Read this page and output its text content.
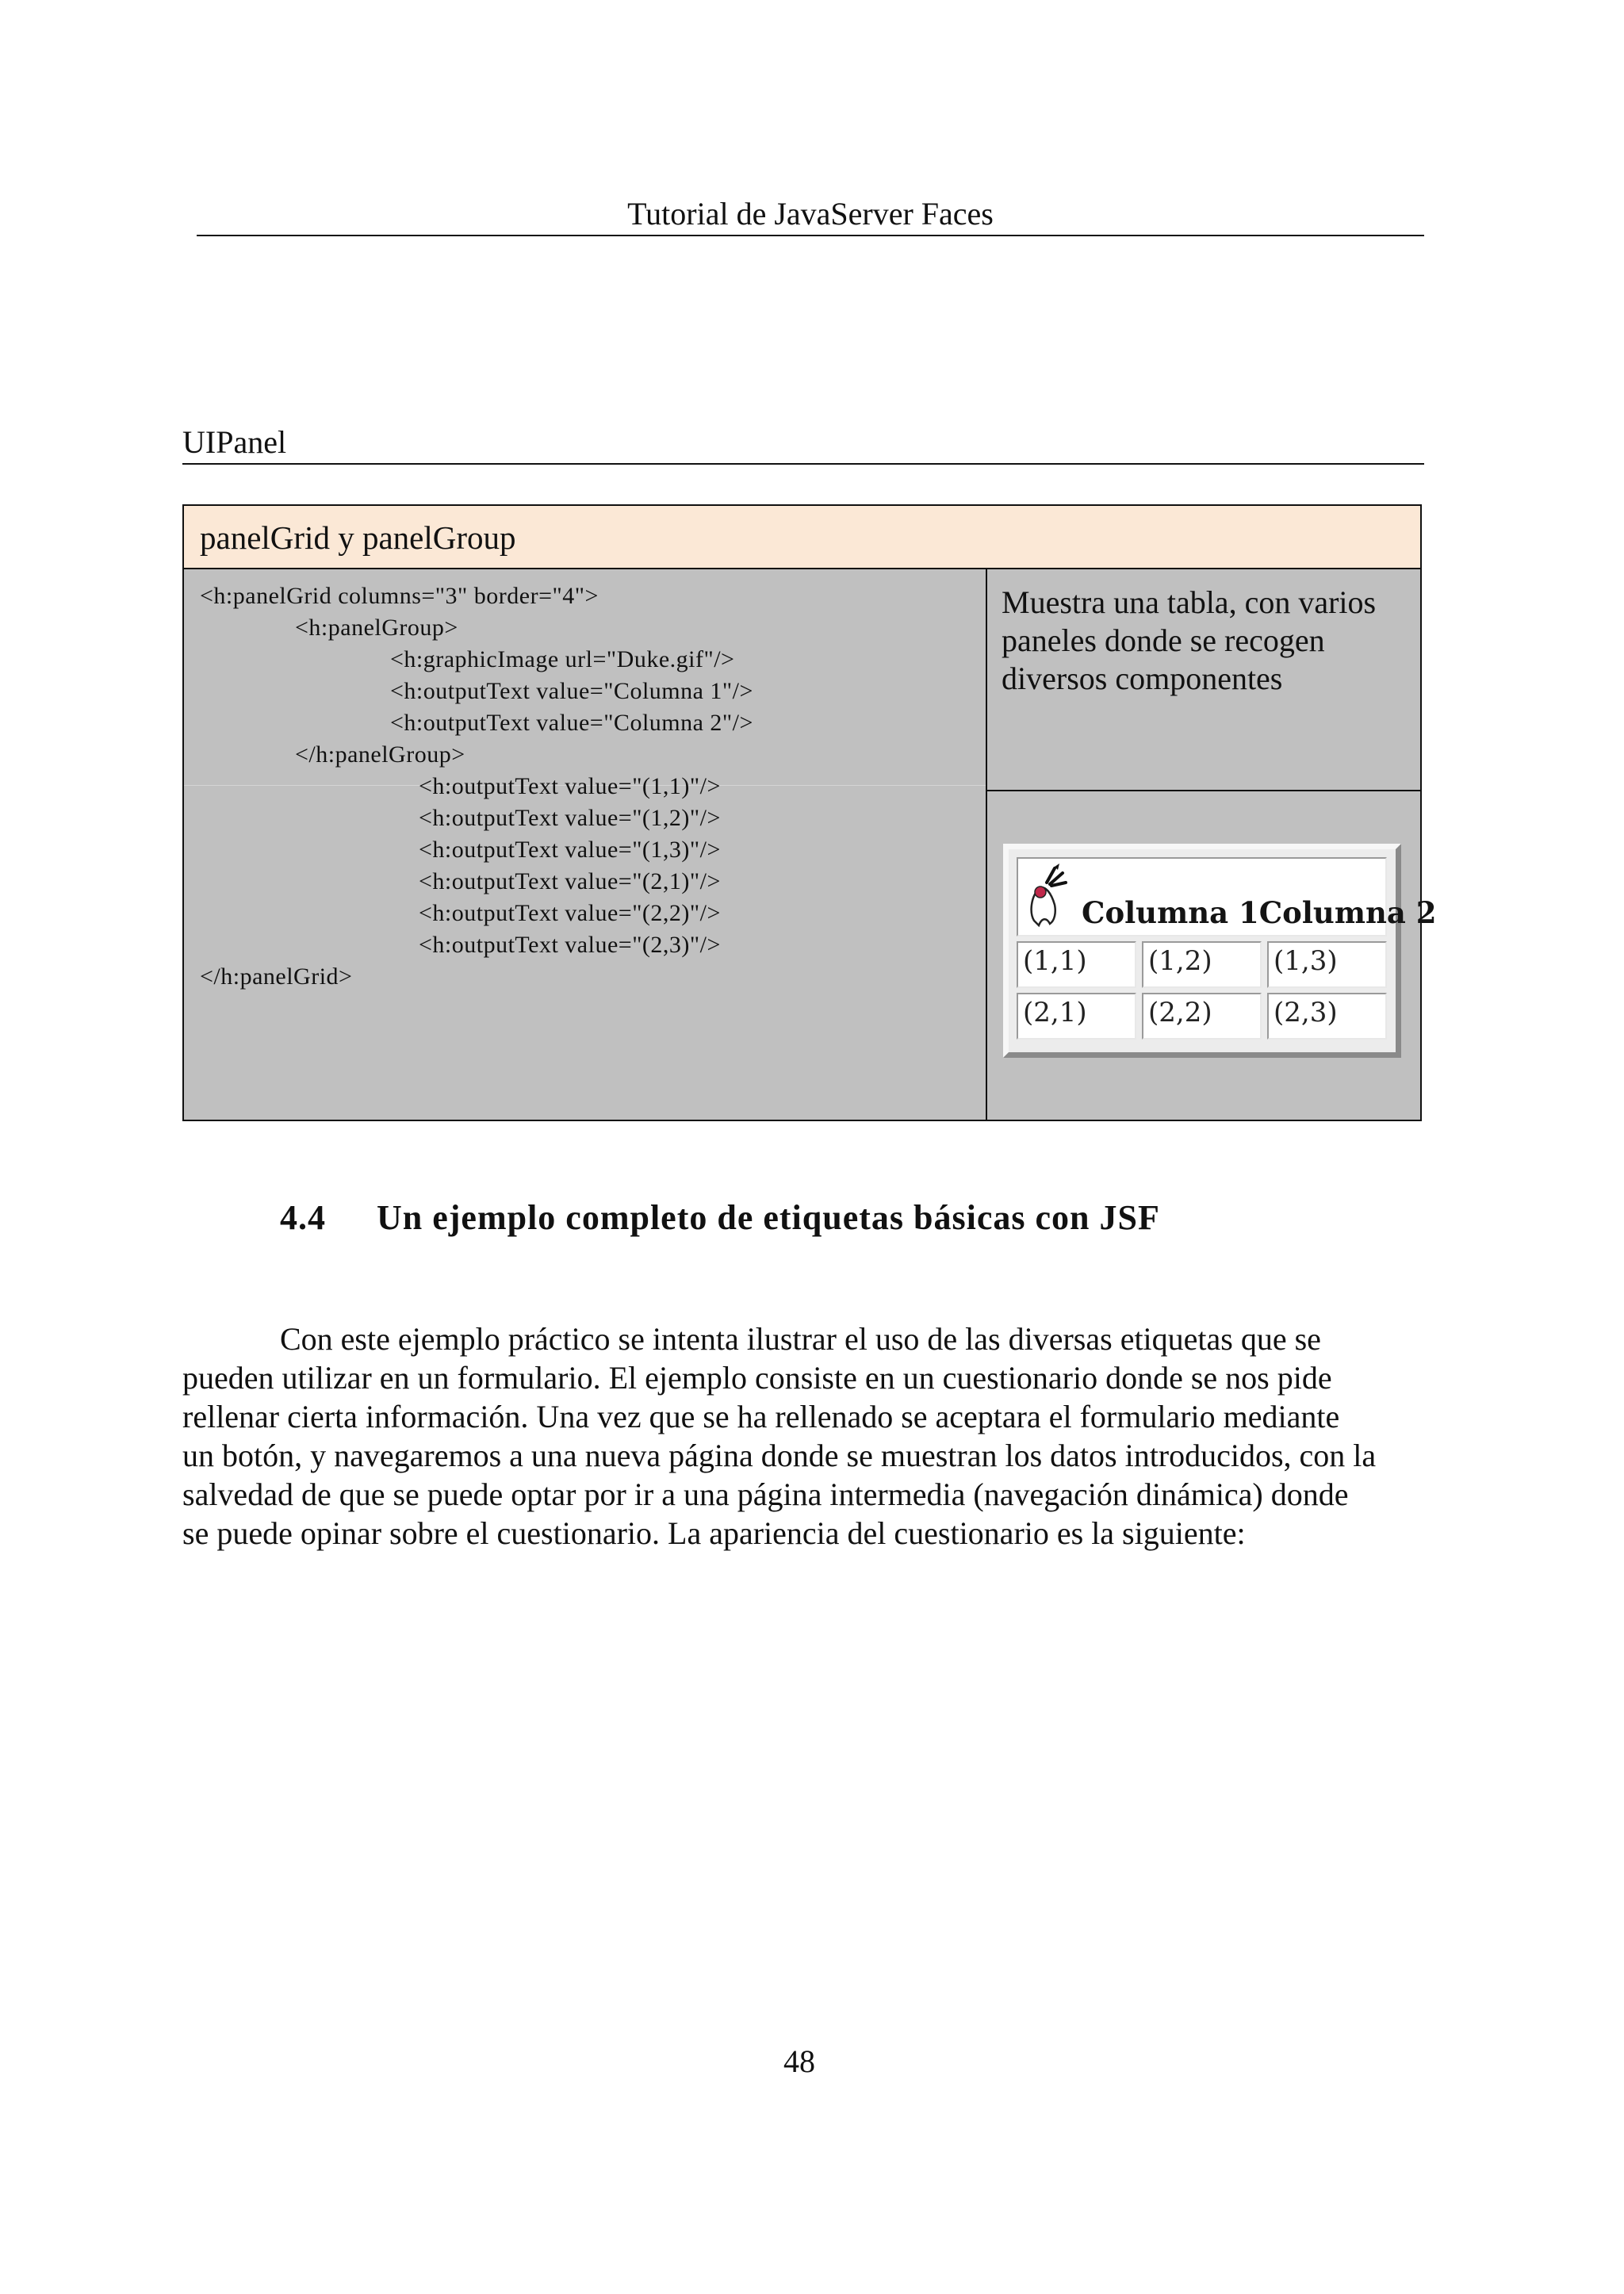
Tutorial de JavaServer Faces
UIPanel
panelGrid y panelGroup
<h:panelGrid columns="3" border="4">
<h:panelGroup>
<h:graphicImage url="Duke.gif"/>
<h:outputText value="Columna 1"/>
<h:outputText value="Columna 2"/>
</h:panelGroup>
<h:outputText value="(1,1)"/>
<h:outputText value="(1,2)"/>
<h:outputText value="(1,3)"/>
<h:outputText value="(2,1)"/>
<h:outputText value="(2,2)"/>
<h:outputText value="(2,3)"/>
</h:panelGrid>
Muestra una tabla, con varios paneles donde se recogen diversos componentes
Columna 1Columna 2
(1,1)	(1,2)	(1,3)
(2,1)	(2,2)	(2,3)
4.4 Un ejemplo completo de etiquetas básicas con JSF
Con este ejemplo práctico se intenta ilustrar el uso de las diversas etiquetas que se
pueden utilizar en un formulario. El ejemplo consiste en un cuestionario donde se nos pide
rellenar cierta información. Una vez que se ha rellenado se aceptara el formulario mediante
un botón, y navegaremos a una nueva página donde se muestran los datos introducidos, con la
salvedad de que se puede optar por ir a una página intermedia (navegación dinámica) donde
se puede opinar sobre el cuestionario. La apariencia del cuestionario es la siguiente:
48
